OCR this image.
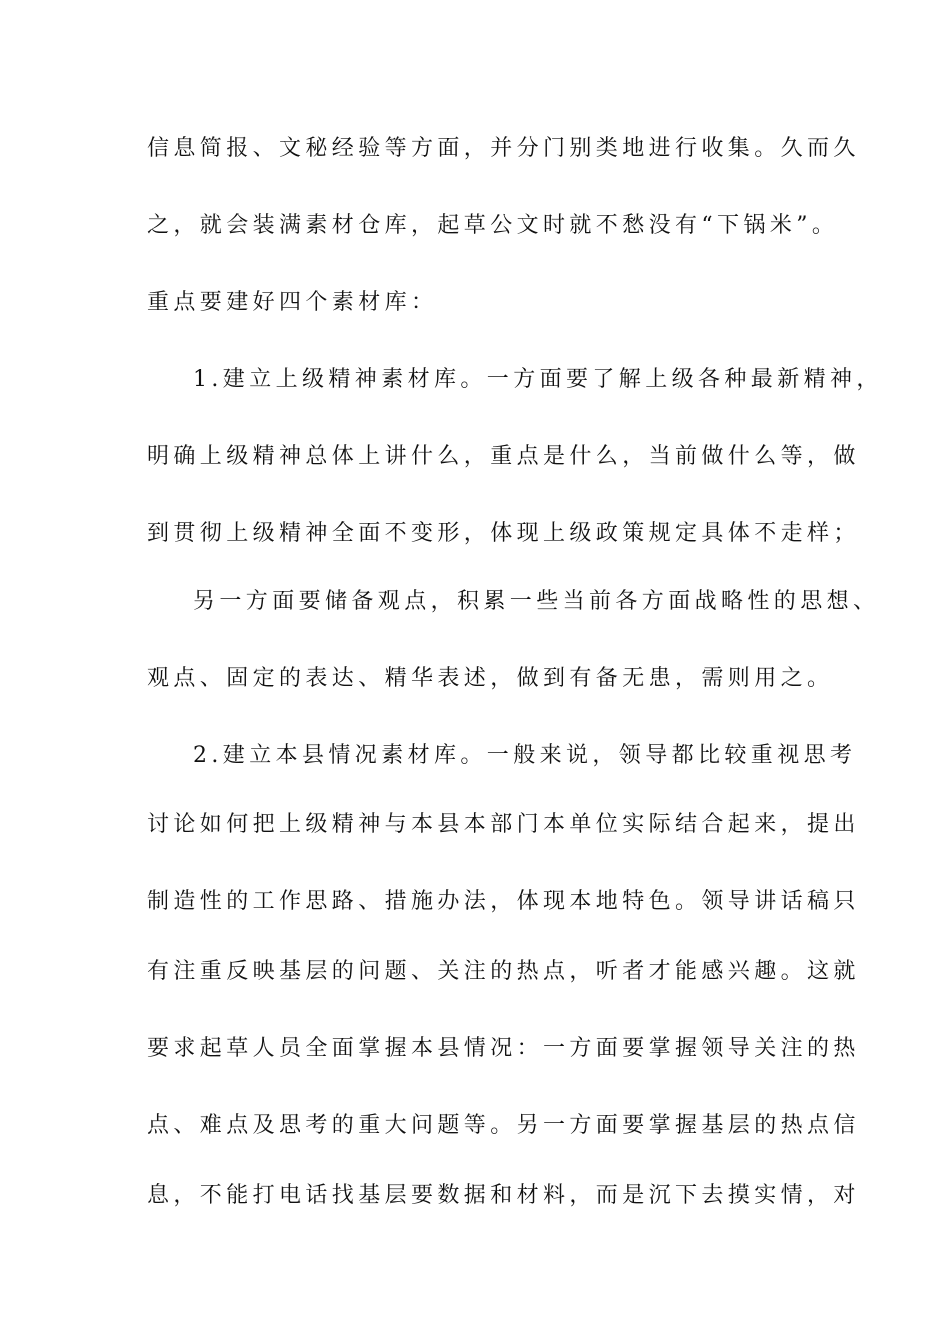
信息简报、文秘经验等方面，并分门别类地进行收集。久而久
之，就会装满素材仓库，起草公文时就不愁没有“下锅米”。
重点要建好四个素材库：
1.建立上级精神素材库。一方面要了解上级各种最新精神，
明确上级精神总体上讲什么，重点是什么，当前做什么等，做
到贯彻上级精神全面不变形，体现上级政策规定具体不走样；
另一方面要储备观点，积累一些当前各方面战略性的思想、
观点、固定的表达、精华表述，做到有备无患，需则用之。
2.建立本县情况素材库。一般来说，领导都比较重视思考
讨论如何把上级精神与本县本部门本单位实际结合起来，提出
制造性的工作思路、措施办法，体现本地特色。领导讲话稿只
有注重反映基层的问题、关注的热点，听者才能感兴趣。这就
要求起草人员全面掌握本县情况：一方面要掌握领导关注的热
点、难点及思考的重大问题等。另一方面要掌握基层的热点信
息，不能打电话找基层要数据和材料，而是沉下去摸实情，对
